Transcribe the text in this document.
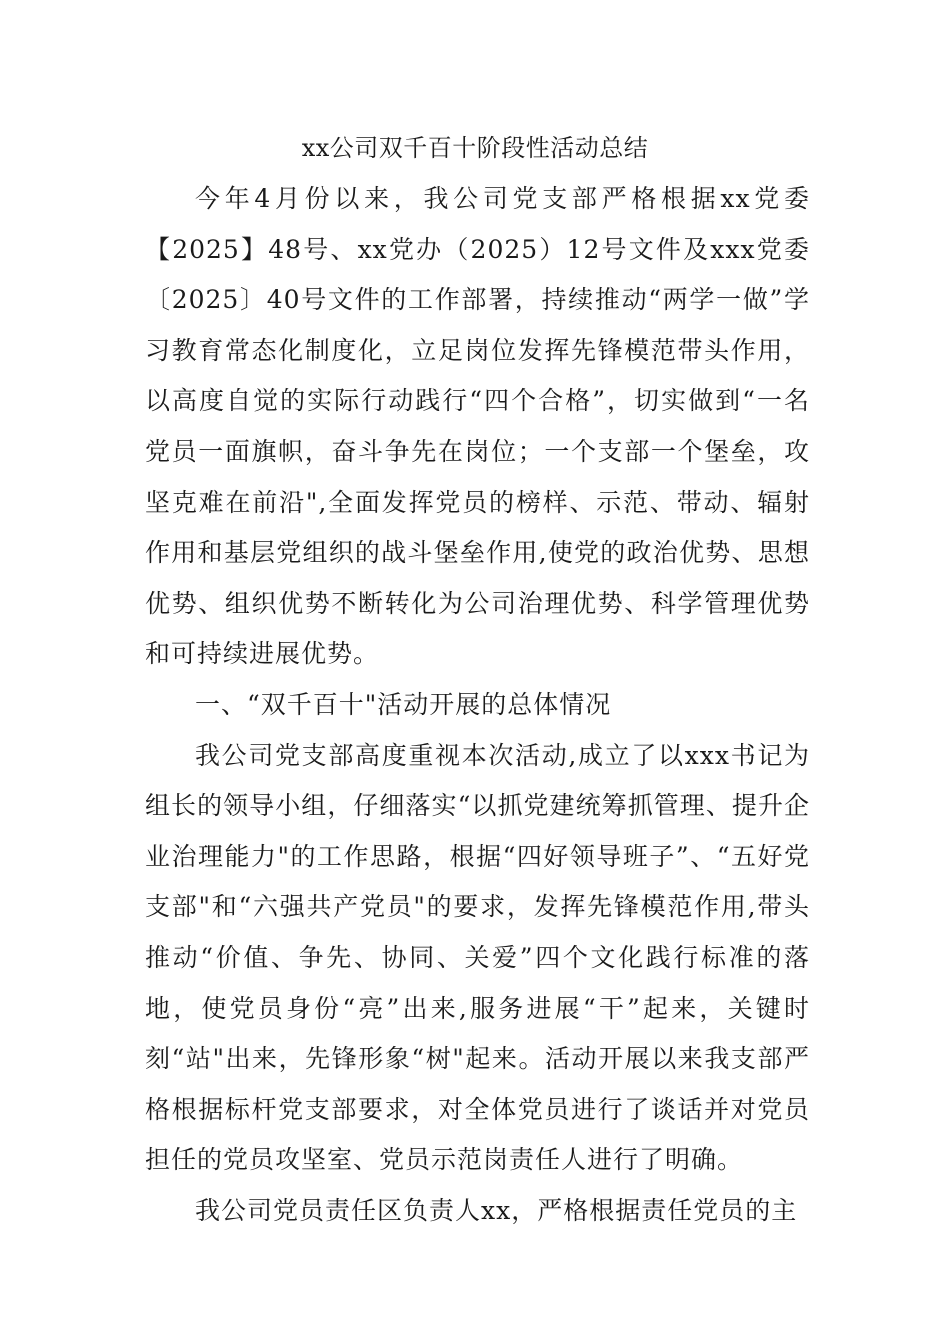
xx公司双千百十阶段性活动总结

今年4月份以来，我公司党支部严格根据xx党委【2025】48号、xx党办（2025）12号文件及xxx党委〔2025〕40号文件的工作部署，持续推动“两学一做”学习教育常态化制度化，立足岗位发挥先锋模范带头作用，以高度自觉的实际行动践行“四个合格”，切实做到“一名党员一面旗帜，奋斗争先在岗位；一个支部一个堡垒，攻坚克难在前沿",全面发挥党员的榜样、示范、带动、辐射作用和基层党组织的战斗堡垒作用,使党的政治优势、思想优势、组织优势不断转化为公司治理优势、科学管理优势和可持续进展优势。

一、“双千百十"活动开展的总体情况

我公司党支部高度重视本次活动,成立了以xxx书记为组长的领导小组，仔细落实“以抓党建统筹抓管理、提升企业治理能力"的工作思路，根据“四好领导班子”、“五好党支部"和“六强共产党员"的要求，发挥先锋模范作用,带头推动“价值、争先、协同、关爱”四个文化践行标准的落地，使党员身份“亮”出来,服务进展“干”起来，关键时刻“站"出来，先锋形象“树"起来。活动开展以来我支部严格根据标杆党支部要求，对全体党员进行了谈话并对党员担任的党员攻坚室、党员示范岗责任人进行了明确。

我公司党员责任区负责人xx，严格根据责任党员的主
